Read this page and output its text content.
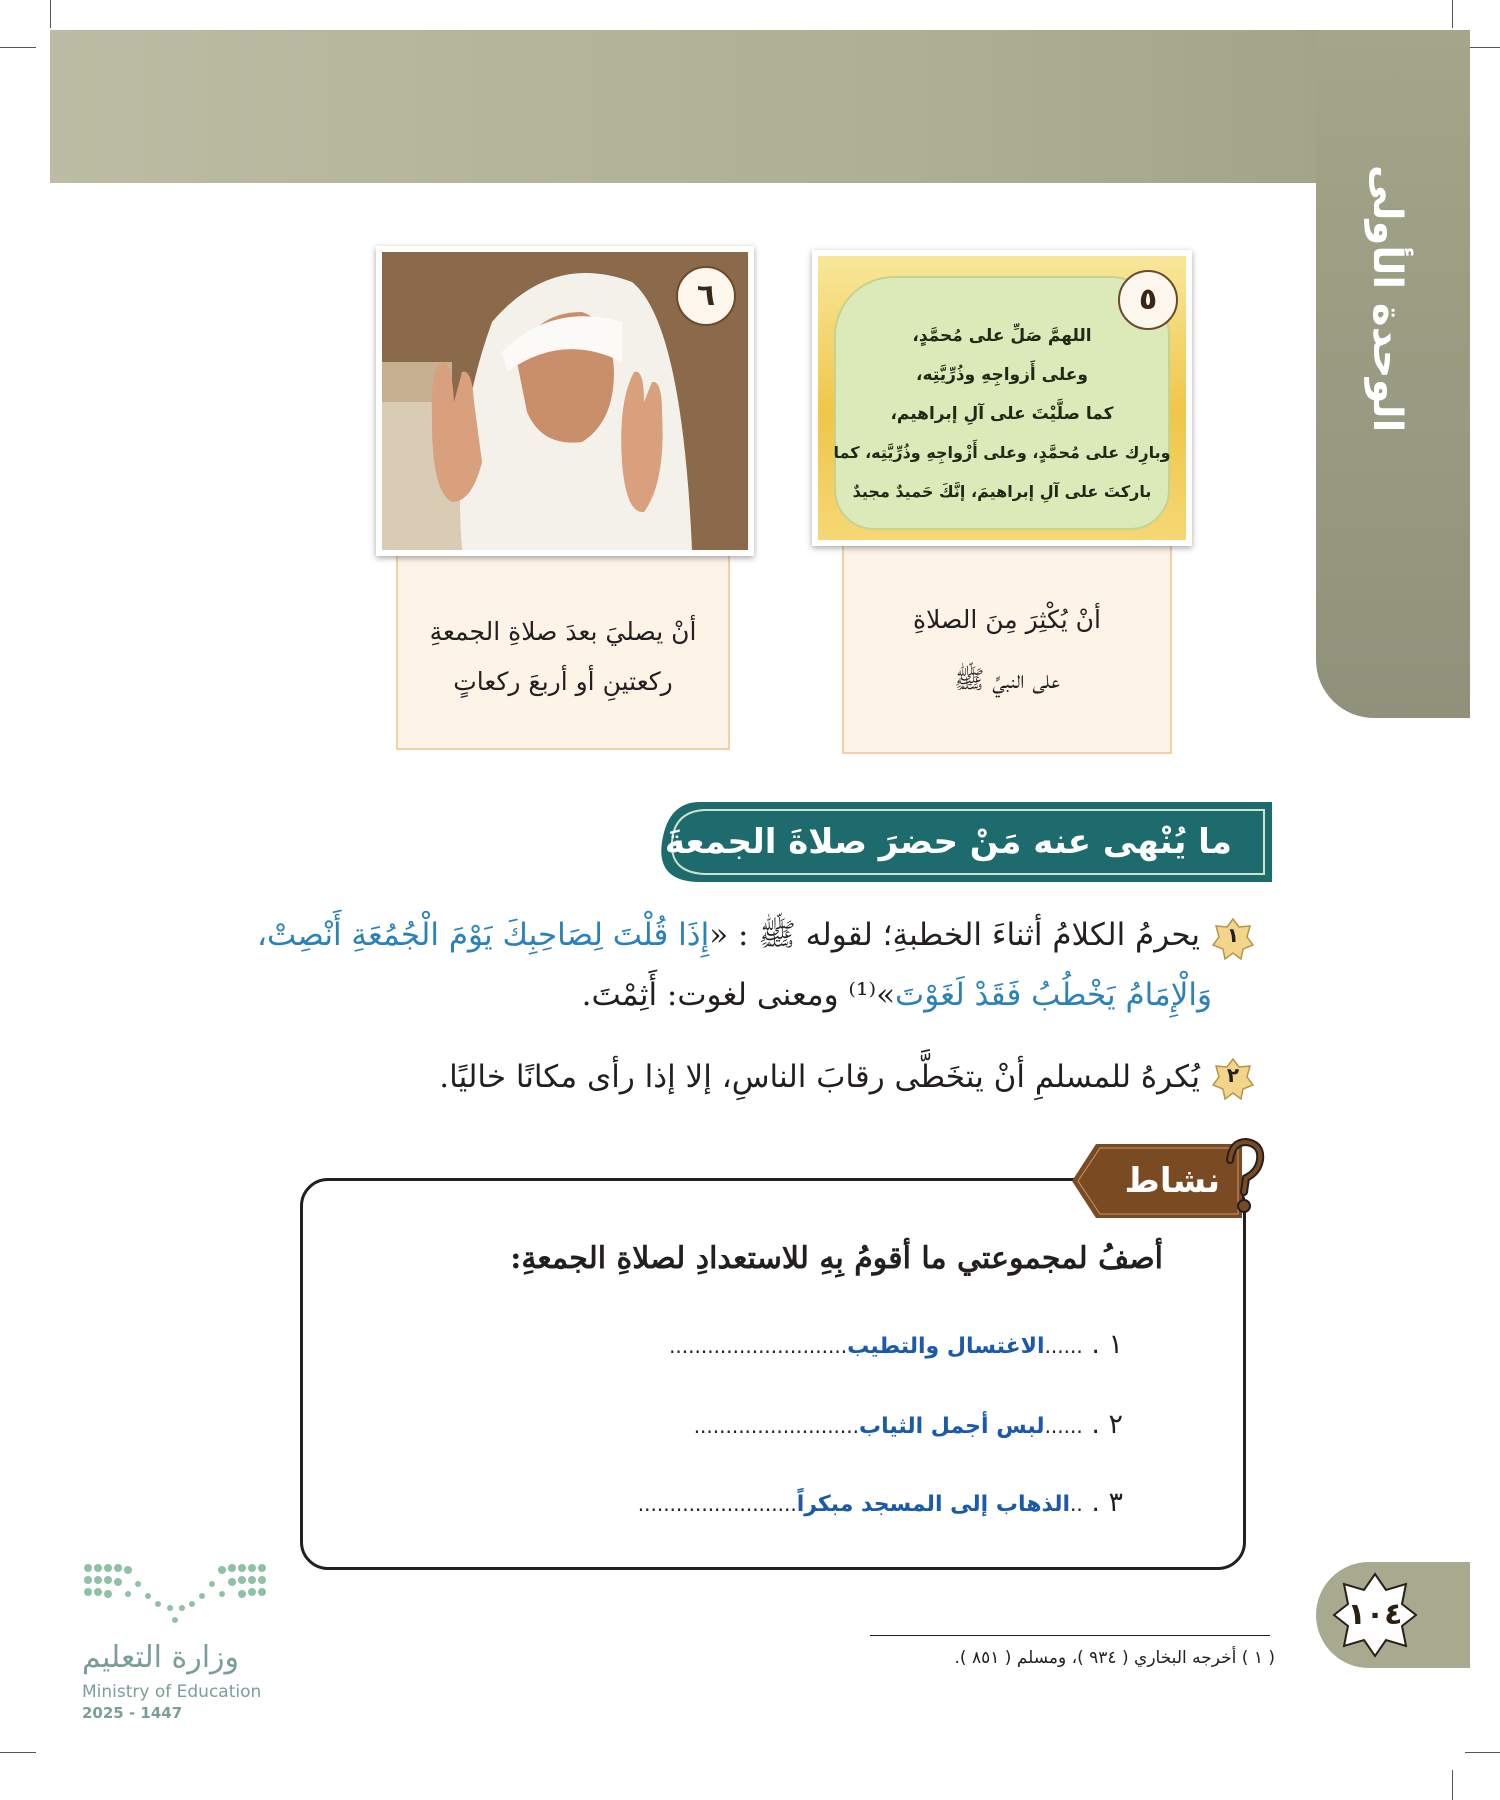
الوحدة الأولى
أنْ يُكْثِرَ مِنَ الصلاةِ
على النبيِّ ﷺ
اللهمَّ صَلِّ على مُحمَّدٍ،
وعلى أَزواجِهِ وذُرِّيَّتِه،
كما صلَّيْتَ على آلِ إبراهيم،
وبارِك على مُحمَّدٍ، وعلى أَزْواجِهِ وذُرِّيَّتِه، كما
باركتَ على آلِ إبراهيمَ، إنَّكَ حَميدٌ مجيدٌ
٥
أنْ يصليَ بعدَ صلاةِ الجمعةِ
ركعتينِ أو أربعَ ركعاتٍ
٦
ما يُنْهى عنه مَنْ حضرَ صلاةَ الجمعةَ
١
يحرمُ الكلامُ أثناءَ الخطبةِ؛ لقوله ﷺ : «إِذَا قُلْتَ لِصَاحِبِكَ يَوْمَ الْجُمُعَةِ أَنْصِتْ،
وَالْإِمَامُ يَخْطُبُ فَقَدْ لَغَوْتَ»⁽¹⁾ ومعنى لغوت: أَثِمْتَ.
٢
يُكرهُ للمسلمِ أنْ يتخَطَّى رقابَ الناسِ، إلا إذا رأى مكانًا خاليًا.
أصفُ لمجموعتي ما أقومُ بِهِ للاستعدادِ لصلاةِ الجمعةِ:
١ . ......الاغتسال والتطيب............................
٢ . ......لبس أجمل الثياب..........................
٣ . ..الذهاب إلى المسجد مبكراً.........................
نشاط
١٠٤
( ١ ) أخرجه البخاري ( ٩٣٤ )، ومسلم ( ٨٥١ ).
وزارة التعليم
Ministry of Education
2025 - 1447
